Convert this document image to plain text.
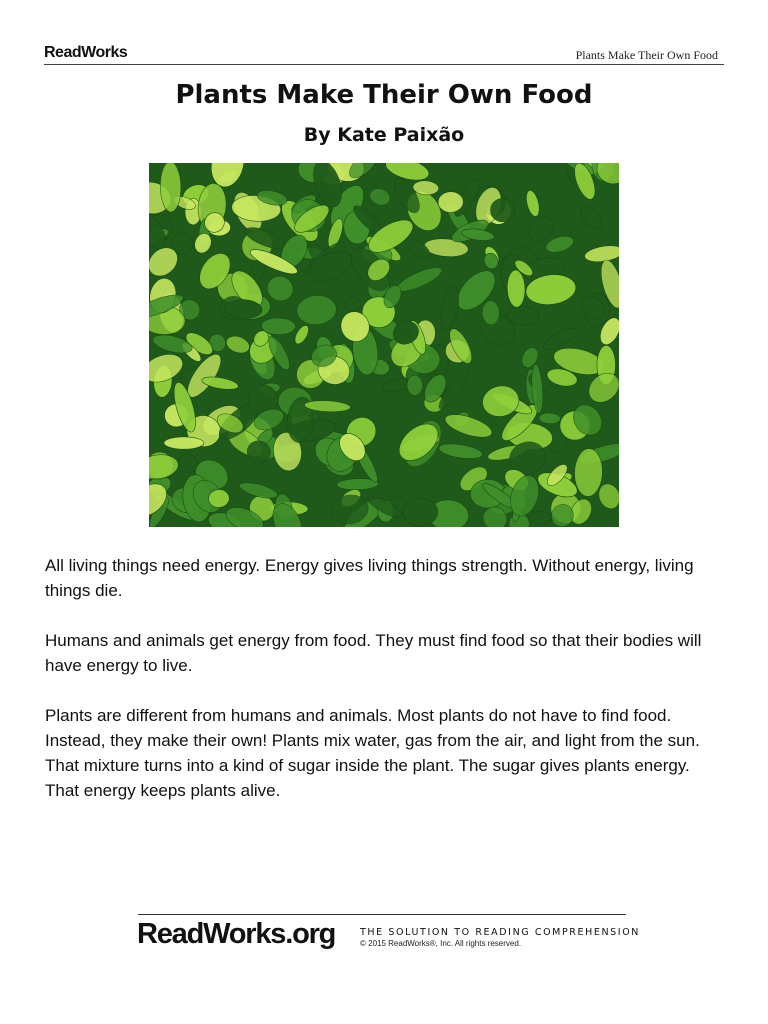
ReadWorks	Plants Make Their Own Food
Plants Make Their Own Food
By Kate Paixão

All living things need energy. Energy gives living things strength. Without energy, living things die.

Humans and animals get energy from food. They must find food so that their bodies will have energy to live.

Plants are different from humans and animals. Most plants do not have to find food. Instead, they make their own! Plants mix water, gas from the air, and light from the sun. That mixture turns into a kind of sugar inside the plant. The sugar gives plants energy. That energy keeps plants alive.

ReadWorks.org	THE SOLUTION TO READING COMPREHENSION
© 2015 ReadWorks®, Inc. All rights reserved.
